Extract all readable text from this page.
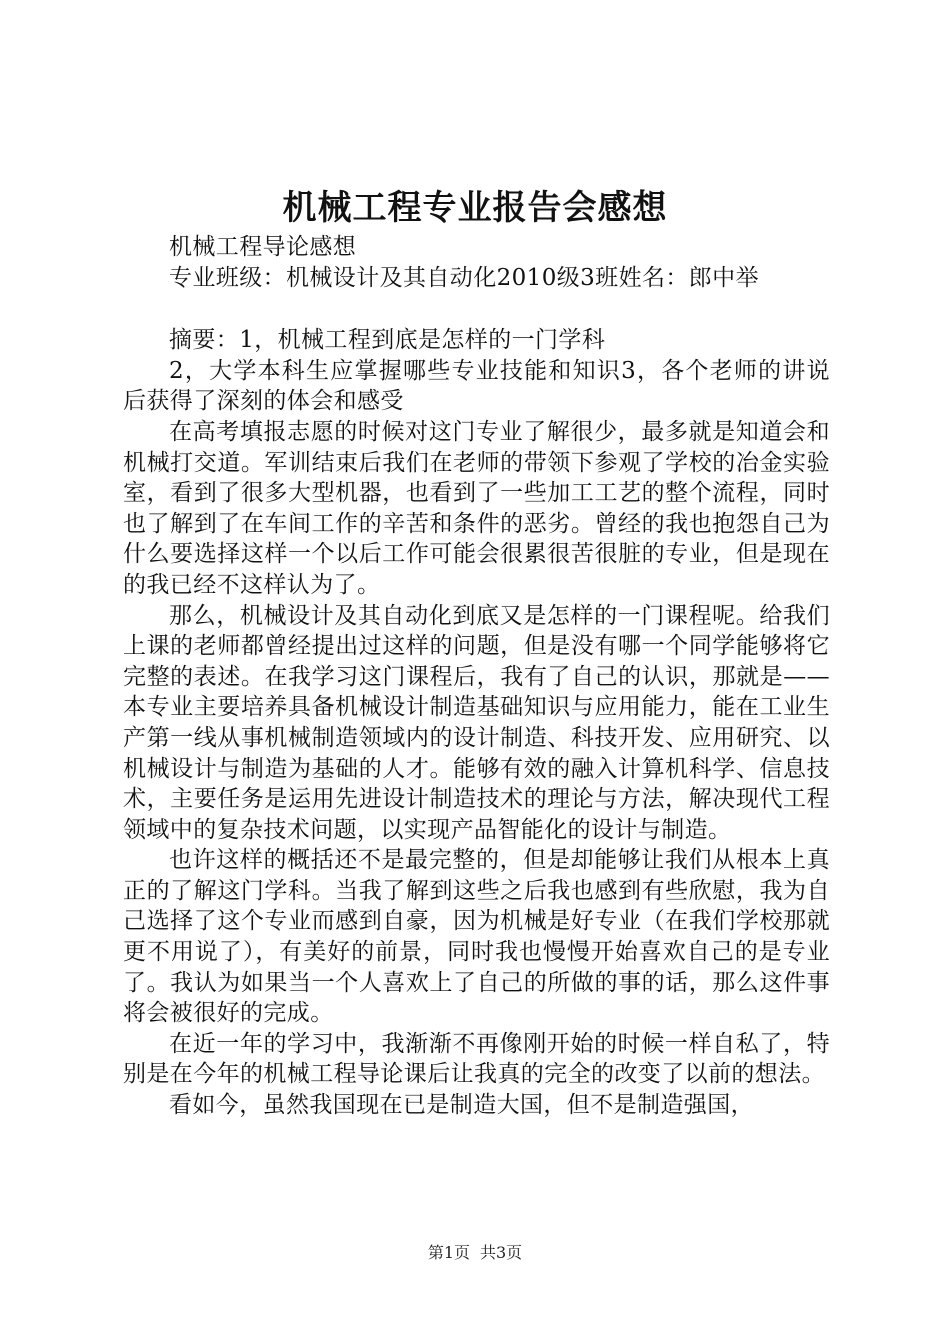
机械工程专业报告会感想

机械工程导论感想

专业班级：机械设计及其自动化2010级3班姓名：郎中举

摘要：1，机械工程到底是怎样的一门学科

2，大学本科生应掌握哪些专业技能和知识3，各个老师的讲说后获得了深刻的体会和感受

在高考填报志愿的时候对这门专业了解很少，最多就是知道会和机械打交道。军训结束后我们在老师的带领下参观了学校的冶金实验室，看到了很多大型机器，也看到了一些加工工艺的整个流程，同时也了解到了在车间工作的辛苦和条件的恶劣。曾经的我也抱怨自己为什么要选择这样一个以后工作可能会很累很苦很脏的专业，但是现在的我已经不这样认为了。

那么，机械设计及其自动化到底又是怎样的一门课程呢。给我们上课的老师都曾经提出过这样的问题，但是没有哪一个同学能够将它完整的表述。在我学习这门课程后，我有了自己的认识，那就是——本专业主要培养具备机械设计制造基础知识与应用能力，能在工业生产第一线从事机械制造领域内的设计制造、科技开发、应用研究、以机械设计与制造为基础的人才。能够有效的融入计算机科学、信息技术，主要任务是运用先进设计制造技术的理论与方法，解决现代工程领域中的复杂技术问题，以实现产品智能化的设计与制造。

也许这样的概括还不是最完整的，但是却能够让我们从根本上真正的了解这门学科。当我了解到这些之后我也感到有些欣慰，我为自己选择了这个专业而感到自豪，因为机械是好专业（在我们学校那就更不用说了），有美好的前景，同时我也慢慢开始喜欢自己的是专业了。我认为如果当一个人喜欢上了自己的所做的事的话，那么这件事将会被很好的完成。

在近一年的学习中，我渐渐不再像刚开始的时候一样自私了，特别是在今年的机械工程导论课后让我真的完全的改变了以前的想法。

看如今，虽然我国现在已是制造大国，但不是制造强国，

第1页 共3页
